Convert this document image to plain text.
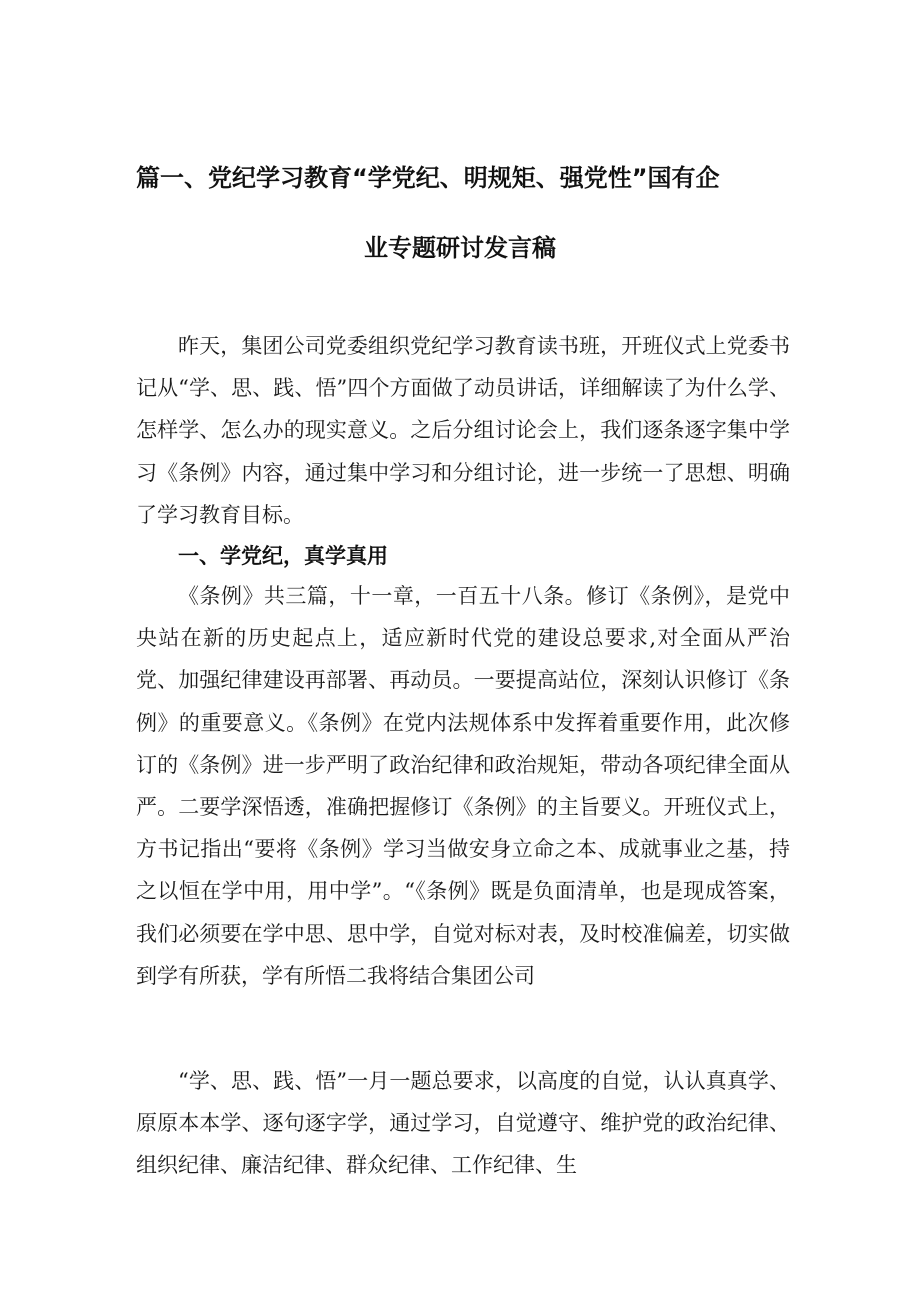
篇一、党纪学习教育“学党纪、明规矩、强党性”国有企
业专题研讨发言稿

昨天，集团公司党委组织党纪学习教育读书班，开班仪式上党委书记从“学、思、践、悟”四个方面做了动员讲话，详细解读了为什么学、怎样学、怎么办的现实意义。之后分组讨论会上，我们逐条逐字集中学习《条例》内容，通过集中学习和分组讨论，进一步统一了思想、明确了学习教育目标。

一、学党纪，真学真用

《条例》共三篇，十一章，一百五十八条。修订《条例》，是党中央站在新的历史起点上，适应新时代党的建设总要求,对全面从严治党、加强纪律建设再部署、再动员。一要提高站位，深刻认识修订《条例》的重要意义。《条例》在党内法规体系中发挥着重要作用，此次修订的《条例》进一步严明了政治纪律和政治规矩，带动各项纪律全面从严。二要学深悟透，准确把握修订《条例》的主旨要义。开班仪式上，方书记指出“要将《条例》学习当做安身立命之本、成就事业之基，持之以恒在学中用，用中学”。“《条例》既是负面清单，也是现成答案，我们必须要在学中思、思中学，自觉对标对表，及时校准偏差，切实做到学有所获，学有所悟二我将结合集团公司

“学、思、践、悟”一月一题总要求，以高度的自觉，认认真真学、原原本本学、逐句逐字学，通过学习，自觉遵守、维护党的政治纪律、组织纪律、廉洁纪律、群众纪律、工作纪律、生
